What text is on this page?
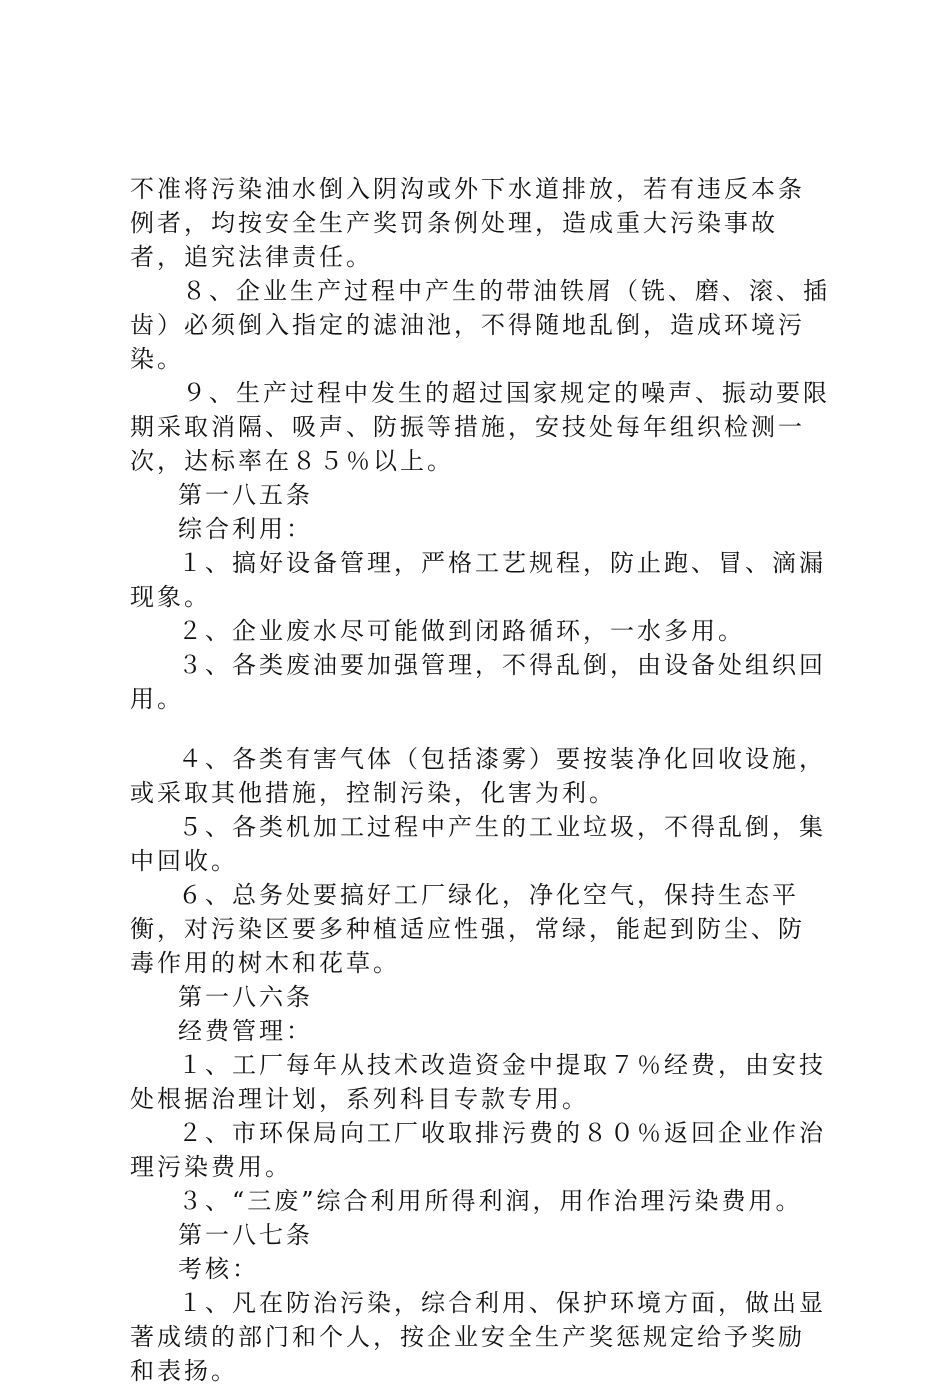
不准将污染油水倒入阴沟或外下水道排放，若有违反本条例者，均按安全生产奖罚条例处理，造成重大污染事故者，追究法律责任。

８、企业生产过程中产生的带油铁屑（铣、磨、滚、插齿）必须倒入指定的滤油池，不得随地乱倒，造成环境污染。

９、生产过程中发生的超过国家规定的噪声、振动要限期采取消隔、吸声、防振等措施，安技处每年组织检测一次，达标率在８５％以上。

第一八五条

综合利用：

１、搞好设备管理，严格工艺规程，防止跑、冒、滴漏现象。

２、企业废水尽可能做到闭路循环，一水多用。

３、各类废油要加强管理，不得乱倒，由设备处组织回用。

４、各类有害气体（包括漆雾）要按装净化回收设施，或采取其他措施，控制污染，化害为利。

５、各类机加工过程中产生的工业垃圾，不得乱倒，集中回收。

６、总务处要搞好工厂绿化，净化空气，保持生态平衡，对污染区要多种植适应性强，常绿，能起到防尘、防毒作用的树木和花草。

第一八六条

经费管理：

１、工厂每年从技术改造资金中提取７％经费，由安技处根据治理计划，系列科目专款专用。

２、市环保局向工厂收取排污费的８０％返回企业作治理污染费用。

３、“三废”综合利用所得利润，用作治理污染费用。

第一八七条

考核：

１、凡在防治污染，综合利用、保护环境方面，做出显著成绩的部门和个人，按企业安全生产奖惩规定给予奖励和表扬。
